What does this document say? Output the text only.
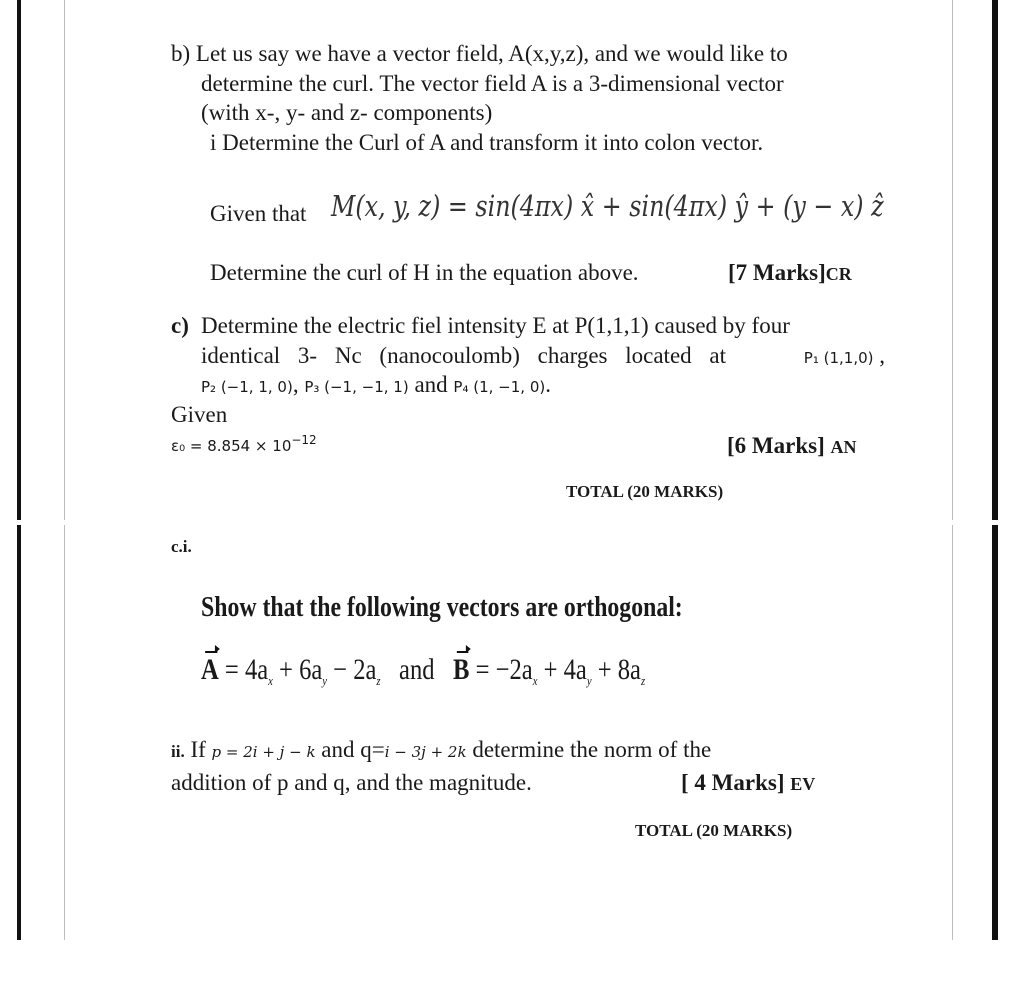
b) Let us say we have a vector field, A(x,y,z), and we would like to
determine the curl. The vector field A is a 3-dimensional vector
(with x-, y- and z- components)
i Determine the Curl of A and transform it into colon vector.
Given that M(x, y, z) = sin(4πx) x̂ + sin(4πx) ŷ + (y − x) ẑ
Determine the curl of H in the equation above.	[7 Marks]CR
c) Determine the electric fiel intensity E at P(1,1,1) caused by four
identical 3- Nc (nanocoulomb) charges located at	P₁ (1,1,0) ,
P₂ (−1, 1, 0), P₃ (−1, −1, 1) and P₄ (1, −1, 0).
Given
$\varepsilon_0 = 8.854 \times 10^{-12}$	[6 Marks] AN
TOTAL (20 MARKS)
c.i.
Show that the following vectors are orthogonal:
$A = 4a_x + 6a_y - 2a_z$ and $B = -2a_x + 4a_y + 8a_z$
ii. If p = 2i + j − k and q=i − 3j + 2k determine the norm of the
addition of p and q, and the magnitude.	[ 4 Marks] EV
TOTAL (20 MARKS)
